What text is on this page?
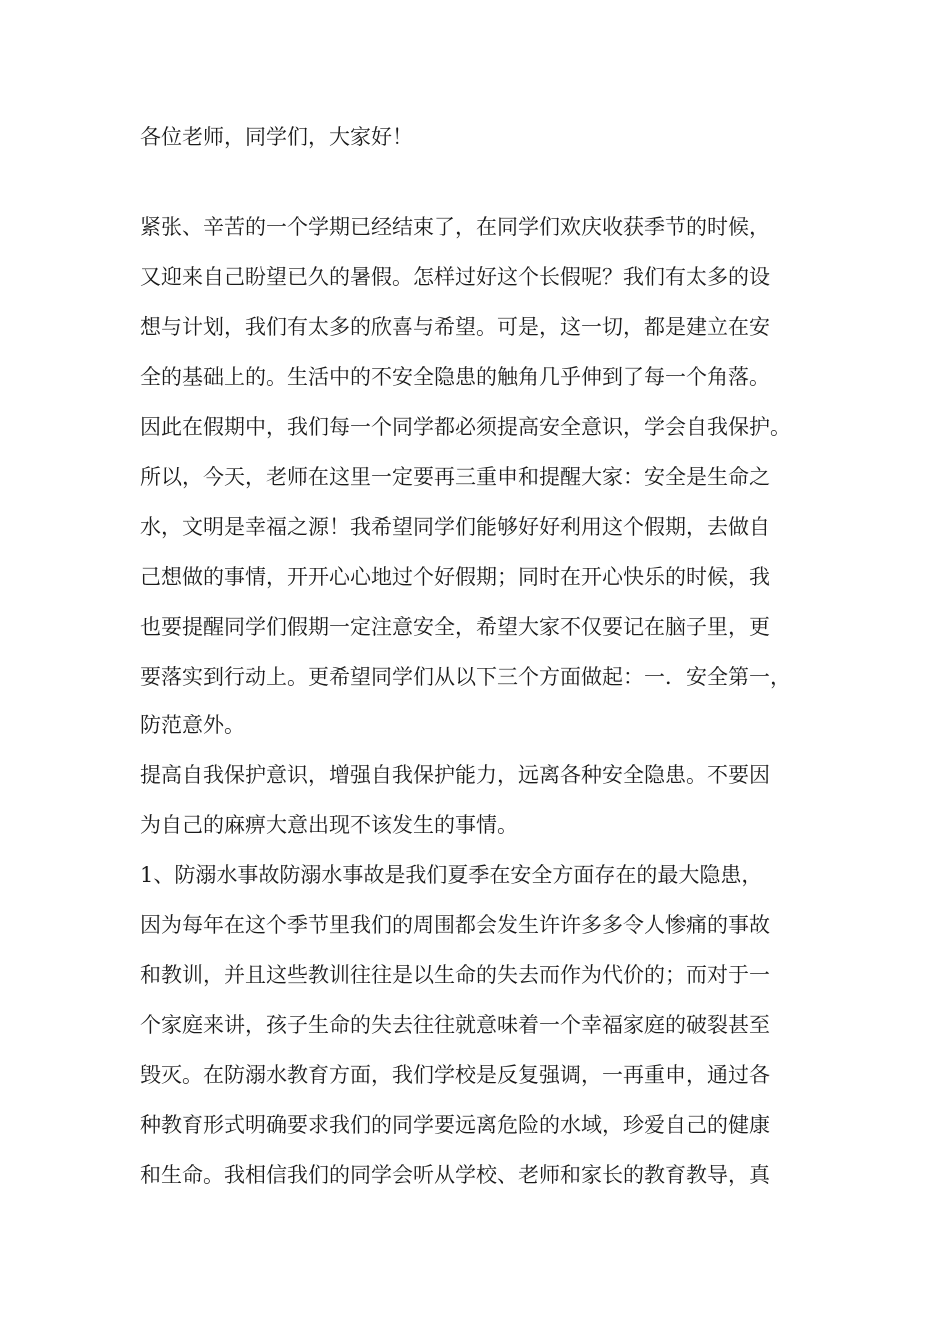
各位老师，同学们，大家好！

紧张、辛苦的一个学期已经结束了，在同学们欢庆收获季节的时候，

又迎来自己盼望已久的暑假。怎样过好这个长假呢？我们有太多的设

想与计划，我们有太多的欣喜与希望。可是，这一切，都是建立在安

全的基础上的。生活中的不安全隐患的触角几乎伸到了每一个角落。

因此在假期中，我们每一个同学都必须提高安全意识，学会自我保护。

所以，今天，老师在这里一定要再三重申和提醒大家：安全是生命之

水，文明是幸福之源！我希望同学们能够好好利用这个假期，去做自

己想做的事情，开开心心地过个好假期；同时在开心快乐的时候，我

也要提醒同学们假期一定注意安全，希望大家不仅要记在脑子里，更

要落实到行动上。更希望同学们从以下三个方面做起：一．安全第一，

防范意外。

提高自我保护意识，增强自我保护能力，远离各种安全隐患。不要因

为自己的麻痹大意出现不该发生的事情。

1、防溺水事故防溺水事故是我们夏季在安全方面存在的最大隐患，

因为每年在这个季节里我们的周围都会发生许许多多令人惨痛的事故

和教训，并且这些教训往往是以生命的失去而作为代价的；而对于一

个家庭来讲，孩子生命的失去往往就意味着一个幸福家庭的破裂甚至

毁灭。在防溺水教育方面，我们学校是反复强调，一再重申，通过各

种教育形式明确要求我们的同学要远离危险的水域，珍爱自己的健康

和生命。我相信我们的同学会听从学校、老师和家长的教育教导，真
